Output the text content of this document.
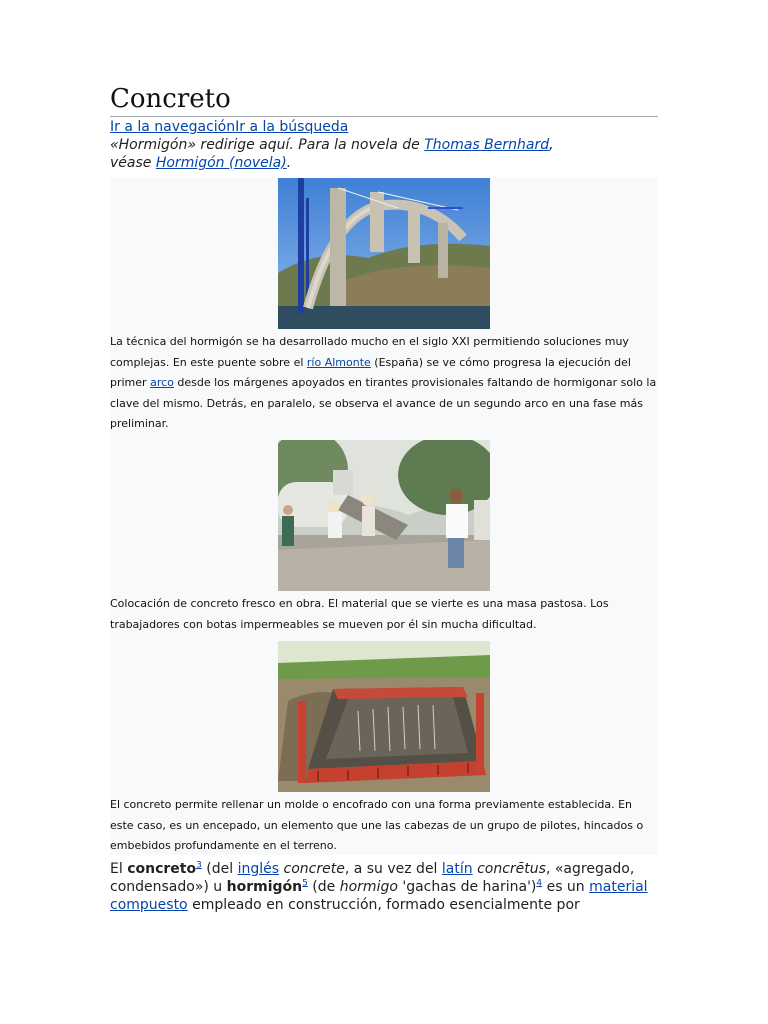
Concreto
Ir a la navegaciónIr a la búsqueda
«Hormigón» redirige aquí. Para la novela de Thomas Bernhard,
véase Hormigón (novela).
La técnica del hormigón se ha desarrollado mucho en el siglo XXI permitiendo soluciones muy complejas. En este puente sobre el río Almonte (España) se ve cómo progresa la ejecución del primer arco desde los márgenes apoyados en tirantes provisionales faltando de hormigonar solo la clave del mismo. Detrás, en paralelo, se observa el avance de un segundo arco en una fase más preliminar.
Colocación de concreto fresco en obra. El material que se vierte es una masa pastosa. Los trabajadores con botas impermeables se mueven por él sin mucha dificultad.
El concreto permite rellenar un molde o encofrado con una forma previamente establecida. En este caso, es un encepado, un elemento que une las cabezas de un grupo de pilotes, hincados o embebidos profundamente en el terreno.
El concreto$^3$ (del inglés concrete, a su vez del latín concrētus, «agregado, condensado») u hormigón$^5$ (de hormigo 'gachas de harina')$^4$ es un material compuesto empleado en construcción, formado esencialmente por
